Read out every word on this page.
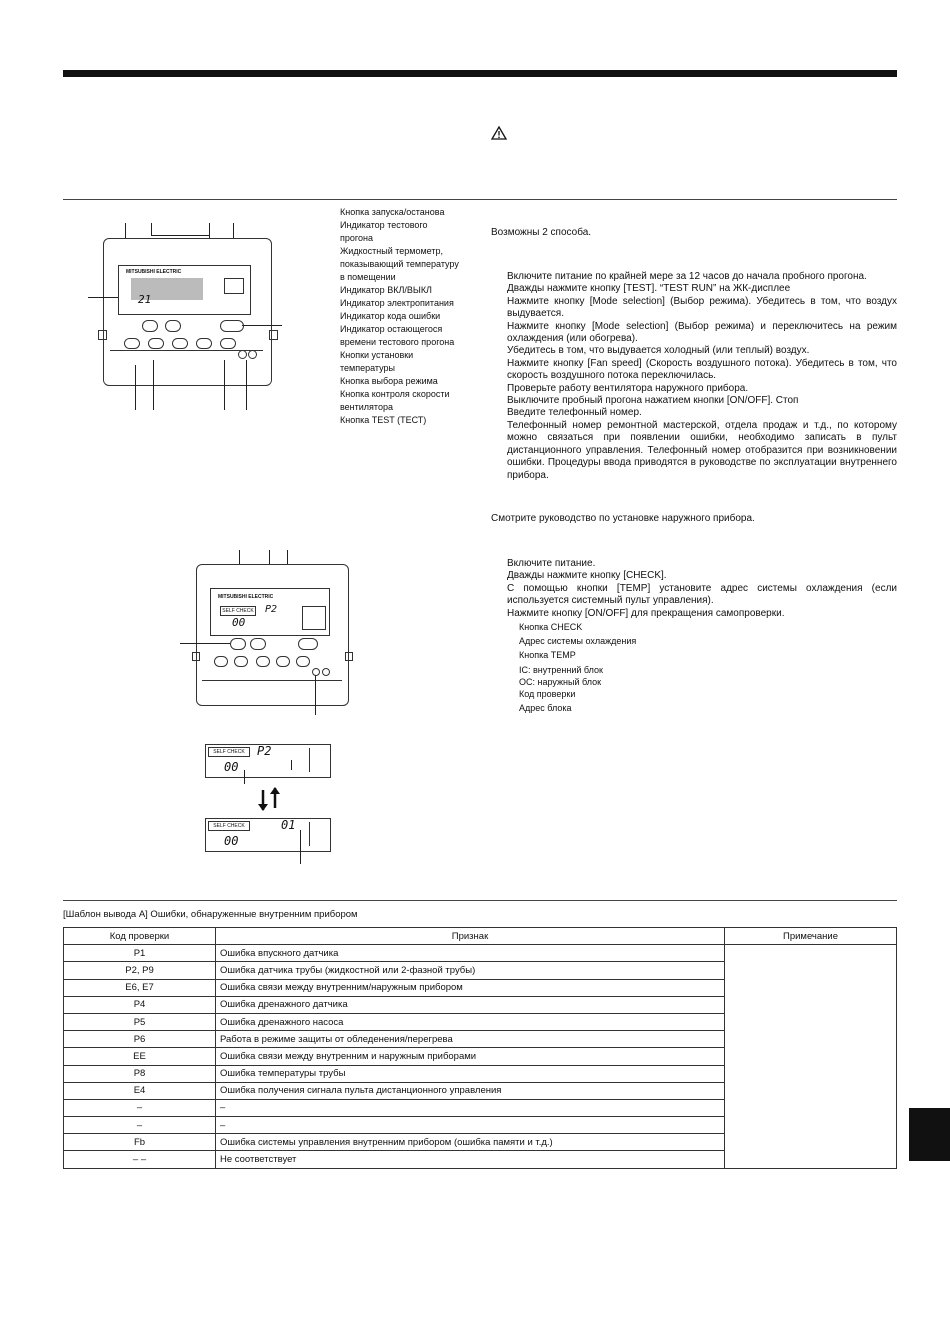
MITSUBISHI ELECTRIC
21
Кнопка запуска/останова
Индикатор тестового прогона
Жидкостный термометр, показывающий температуру в помещении
Индикатор ВКЛ/ВЫКЛ
Индикатор электропитания
Индикатор кода ошибки
Индикатор остающегося времени тестового прогона
Кнопки установки температуры
Кнопка выбора режима
Кнопка контроля скорости вентилятора
Кнопка TEST (ТЕСТ)
Возможны 2 способа.
Включите питание по крайней мере за 12 часов до начала пробного прогона.
Дважды нажмите кнопку [TEST]. “TEST RUN” на ЖК-дисплее
Нажмите кнопку [Mode selection] (Выбор режима). Убедитесь в том, что воздух выдувается.
Нажмите кнопку [Mode selection] (Выбор режима) и переключитесь на режим охлаждения (или обогрева).
Убедитесь в том, что выдувается холодный (или теплый) воздух.
Нажмите кнопку [Fan speed] (Скорость воздушного потока). Убедитесь в том, что скорость воздушного потока переключилась.
Проверьте работу вентилятора наружного прибора.
Выключите пробный прогона нажатием кнопки [ON/OFF]. Стоп
Введите телефонный номер.
Телефонный номер ремонтной мастерской, отдела продаж и т.д., по которому можно связаться при появлении ошибки, необходимо записать в пульт дистанционного управления. Телефонный номер отобразится при возникновении ошибки. Процедуры ввода приводятся в руководстве по эксплуатации внутреннего прибора.
Смотрите руководство по установке наружного прибора.
MITSUBISHI ELECTRIC
SELF CHECK
00
P2
SELF CHECK
00
P2
SELF CHECK
00
01
Включите питание.
Дважды нажмите кнопку [CHECK].
С помощью кнопки [TEMP] установите адрес системы охлаждения (если используется системный пульт управления).
Нажмите кнопку [ON/OFF] для прекращения самопроверки.
Кнопка CHECK
Адрес системы охлаждения
Кнопка TEMP
IC: внутренний блок
OC: наружный блок
Код проверки
Адрес блока
[Шаблон вывода A] Ошибки, обнаруженные внутренним прибором
Код проверки	Признак	Примечание
P1	Ошибка впускного датчика	
P2, P9	Ошибка датчика трубы (жидкостной или 2-фазной трубы)	
E6, E7	Ошибка связи между внутренним/наружным прибором	
P4	Ошибка дренажного датчика	
P5	Ошибка дренажного насоса	
P6	Работа в режиме защиты от обледенения/перегрева	
EE	Ошибка связи между внутренним и наружным приборами	
P8	Ошибка температуры трубы	
E4	Ошибка получения сигнала пульта дистанционного управления	
–	–	
–	–	
Fb	Ошибка системы управления внутренним прибором (ошибка памяти и т.д.)	
– –	Не соответствует	
